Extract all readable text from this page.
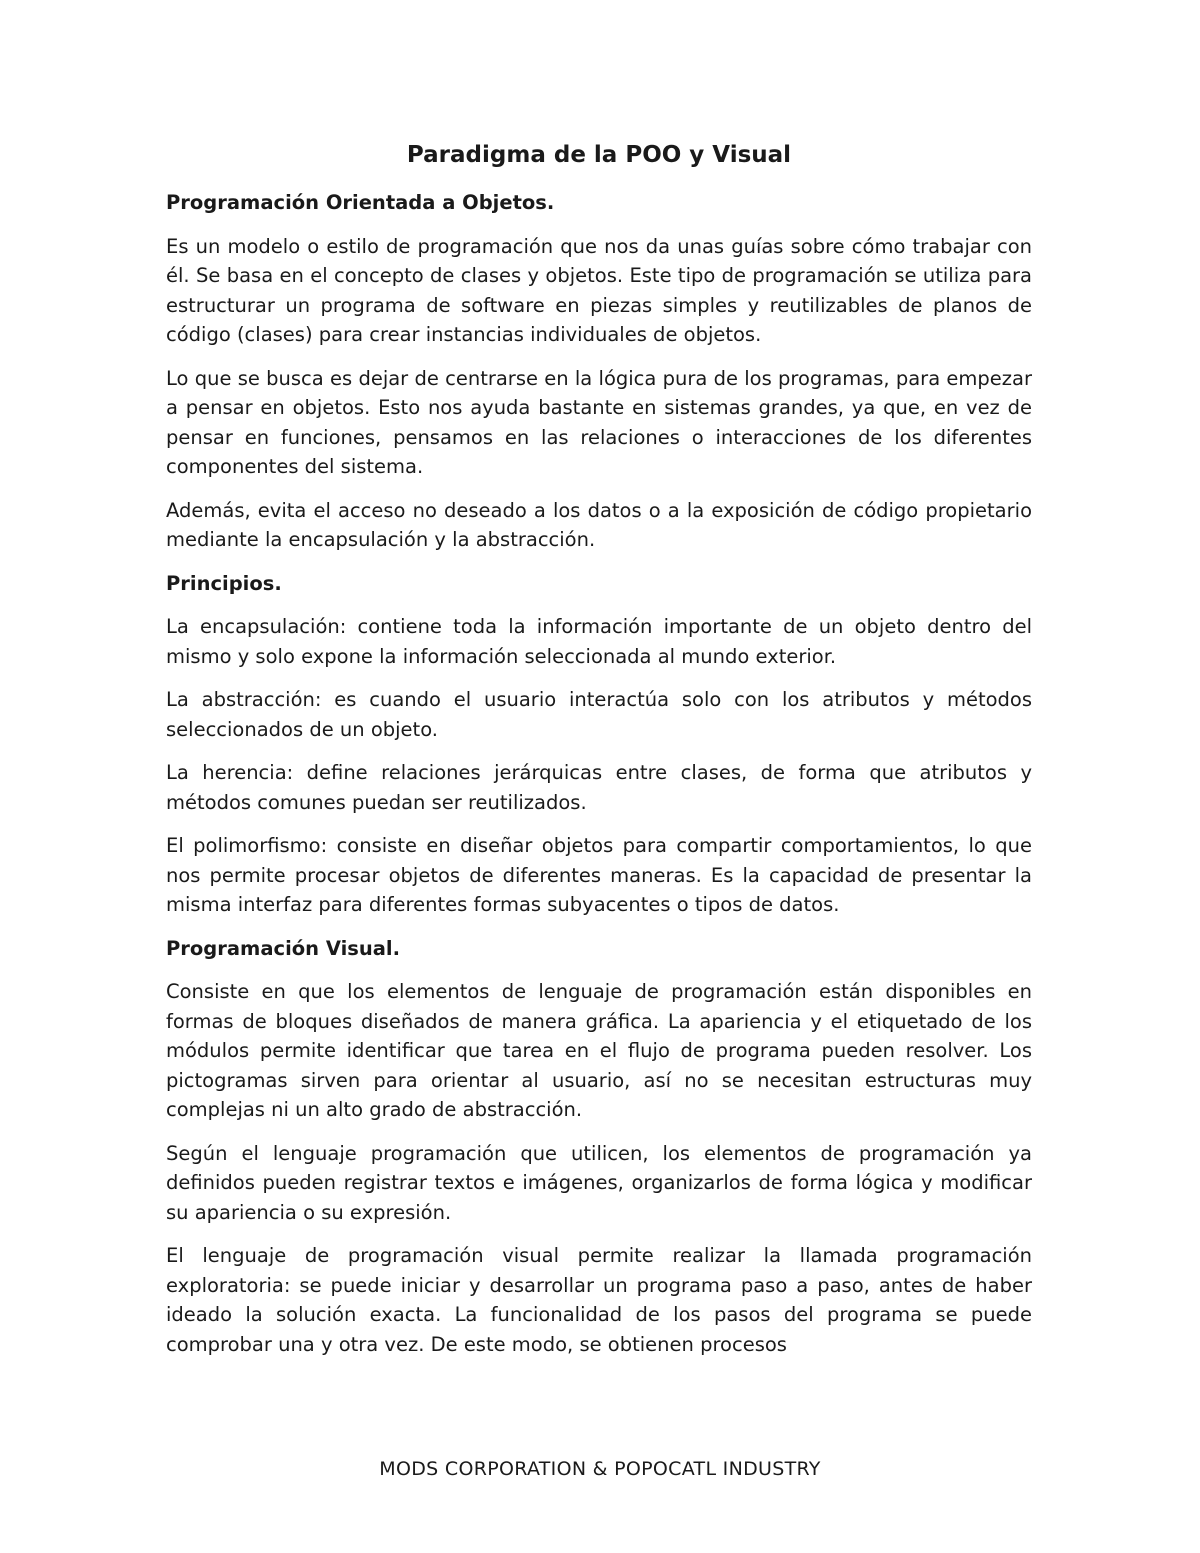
Paradigma de la POO y Visual

Programación Orientada a Objetos.

Es un modelo o estilo de programación que nos da unas guías sobre cómo trabajar con él. Se basa en el concepto de clases y objetos. Este tipo de programación se utiliza para estructurar un programa de software en piezas simples y reutilizables de planos de código (clases) para crear instancias individuales de objetos.

Lo que se busca es dejar de centrarse en la lógica pura de los programas, para empezar a pensar en objetos. Esto nos ayuda bastante en sistemas grandes, ya que, en vez de pensar en funciones, pensamos en las relaciones o interacciones de los diferentes componentes del sistema.

Además, evita el acceso no deseado a los datos o a la exposición de código propietario mediante la encapsulación y la abstracción.

Principios.

La encapsulación: contiene toda la información importante de un objeto dentro del mismo y solo expone la información seleccionada al mundo exterior.

La abstracción: es cuando el usuario interactúa solo con los atributos y métodos seleccionados de un objeto.

La herencia: define relaciones jerárquicas entre clases, de forma que atributos y métodos comunes puedan ser reutilizados.

El polimorfismo: consiste en diseñar objetos para compartir comportamientos, lo que nos permite procesar objetos de diferentes maneras. Es la capacidad de presentar la misma interfaz para diferentes formas subyacentes o tipos de datos.

Programación Visual.

Consiste en que los elementos de lenguaje de programación están disponibles en formas de bloques diseñados de manera gráfica. La apariencia y el etiquetado de los módulos permite identificar que tarea en el flujo de programa pueden resolver. Los pictogramas sirven para orientar al usuario, así no se necesitan estructuras muy complejas ni un alto grado de abstracción.

Según el lenguaje programación que utilicen, los elementos de programación ya definidos pueden registrar textos e imágenes, organizarlos de forma lógica y modificar su apariencia o su expresión.

El lenguaje de programación visual permite realizar la llamada programación exploratoria: se puede iniciar y desarrollar un programa paso a paso, antes de haber ideado la solución exacta. La funcionalidad de los pasos del programa se puede comprobar una y otra vez. De este modo, se obtienen procesos

MODS CORPORATION & POPOCATL INDUSTRY
